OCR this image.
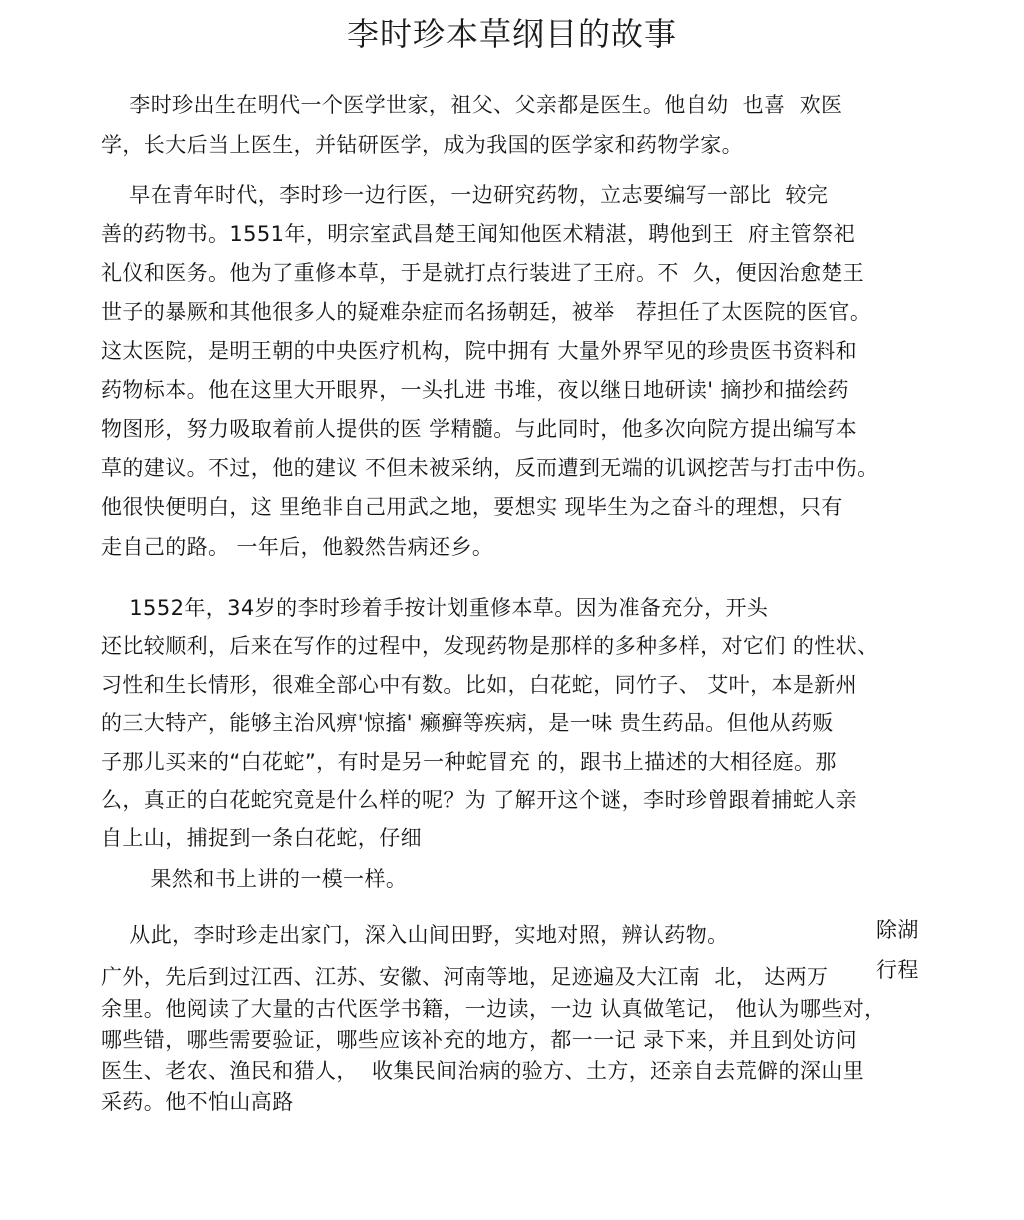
李时珍本草纲目的故事
李时珍出生在明代一个医学世家，祖父、父亲都是医生。他自幼  也喜  欢医
学，长大后当上医生，并钻研医学，成为我国的医学家和药物学家。
早在青年时代，李时珍一边行医，一边研究药物，立志要编写一部比  较完
善的药物书。1551年，明宗室武昌楚王闻知他医术精湛，聘他到王  府主管祭祀
礼仪和医务。他为了重修本草，于是就打点行装进了王府。不  久，便因治愈楚王
世子的暴厥和其他很多人的疑难杂症而名扬朝廷，被举   荐担任了太医院的医官。
这太医院，是明王朝的中央医疗机构，院中拥有 大量外界罕见的珍贵医书资料和
药物标本。他在这里大开眼界，一头扎进 书堆，夜以继日地研读' 摘抄和描绘药
物图形，努力吸取着前人提供的医 学精髓。与此同时，他多次向院方提出编写本
草的建议。不过，他的建议 不但未被采纳，反而遭到无端的讥讽挖苦与打击中伤。
他很快便明白，这 里绝非自己用武之地，要想实 现毕生为之奋斗的理想，只有
走自己的路。 一年后，他毅然告病还乡。
1552年，34岁的李时珍着手按计划重修本草。因为准备充分，开头
还比较顺利，后来在写作的过程中，发现药物是那样的多种多样，对它们 的性状、
习性和生长情形，很难全部心中有数。比如，白花蛇，同竹子、 艾叶，本是新州
的三大特产，能够主治风痹'惊搐' 癞癣等疾病，是一味 贵生药品。但他从药贩
子那儿买来的“白花蛇”，有时是另一种蛇冒充 的，跟书上描述的大相径庭。那
么，真正的白花蛇究竟是什么样的呢？为 了解开这个谜，李时珍曾跟着捕蛇人亲
自上山，捕捉到一条白花蛇，仔细
果然和书上讲的一模一样。
从此，李时珍走出家门，深入山间田野，实地对照，辨认药物。
广外，先后到过江西、江苏、安徽、河南等地，足迹遍及大江南  北， 达两万
余里。他阅读了大量的古代医学书籍，一边读，一边 认真做笔记， 他认为哪些对，
哪些错，哪些需要验证，哪些应该补充的地方，都一一记 录下来，并且到处访问
医生、老农、渔民和猎人，  收集民间治病的验方、土方，还亲自去荒僻的深山里
采药。他不怕山高路
除湖
行程
